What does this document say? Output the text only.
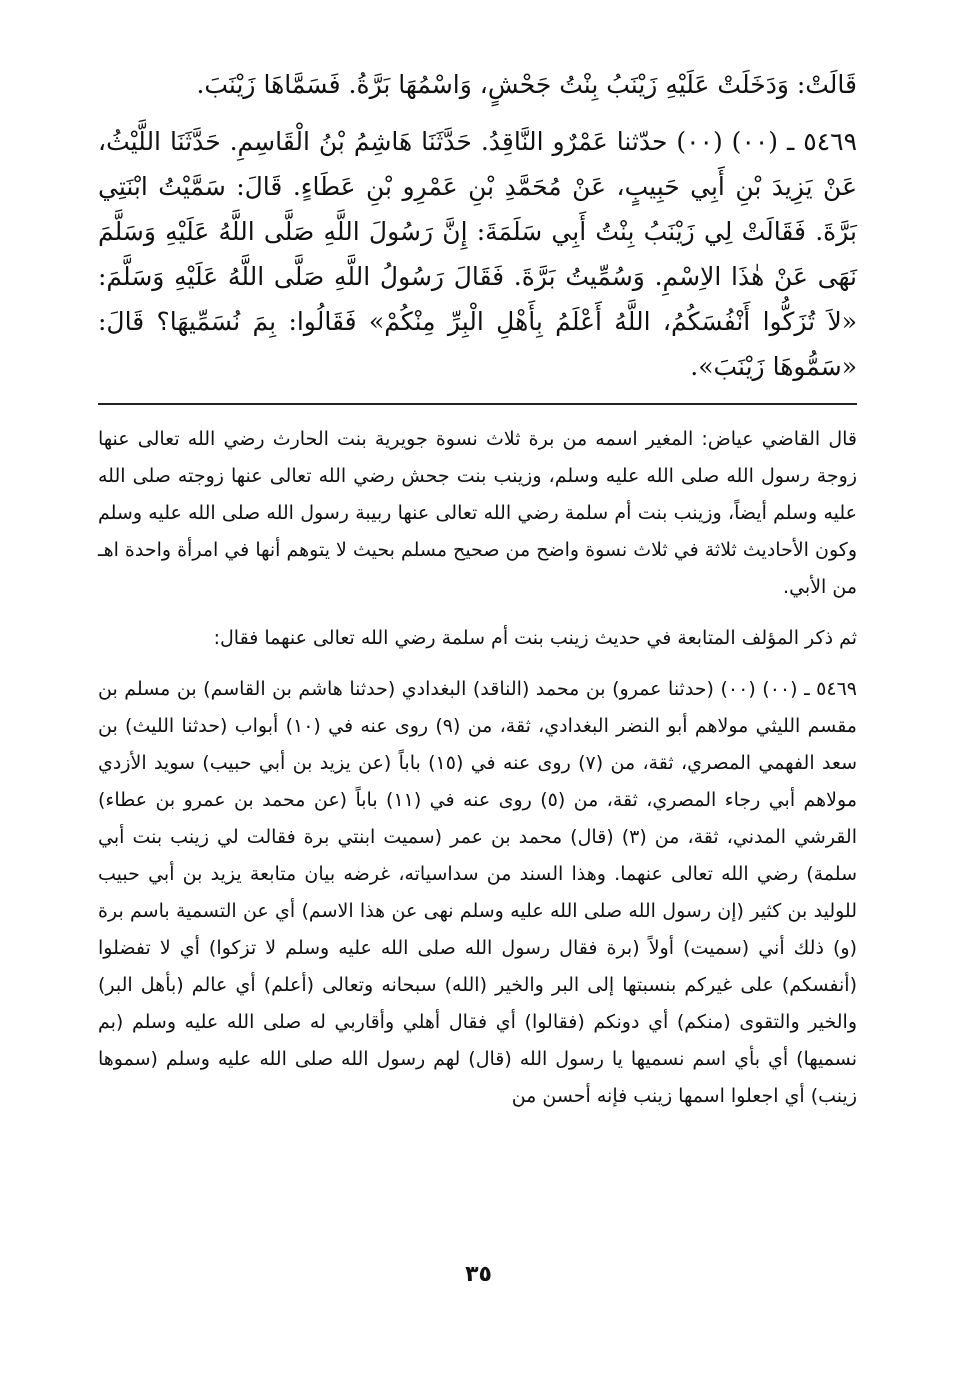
قَالَتْ: وَدَخَلَتْ عَلَيْهِ زَيْنَبُ بِنْتُ جَحْشٍ، وَاسْمُهَا بَرَّةُ. فَسَمَّاهَا زَيْنَبَ.

٥٤٦٩ ـ (٠٠) (٠٠) حدّثنا عَمْرٌو النَّاقِدُ. حَدَّثَنَا هَاشِمُ بْنُ الْقَاسِمِ. حَدَّثَنَا اللَّيْثُ، عَنْ يَزِيدَ بْنِ أَبِي حَبِيبٍ، عَنْ مُحَمَّدِ بْنِ عَمْرِو بْنِ عَطَاءٍ. قَالَ: سَمَّيْتُ ابْنَتِي بَرَّةَ. فَقَالَتْ لِي زَيْنَبُ بِنْتُ أَبِي سَلَمَةَ: إِنَّ رَسُولَ اللَّهِ صَلَّى اللَّهُ عَلَيْهِ وَسَلَّمَ نَهَى عَنْ هٰذَا الاِسْمِ. وَسُمِّيتُ بَرَّةَ. فَقَالَ رَسُولُ اللَّهِ صَلَّى اللَّهُ عَلَيْهِ وَسَلَّمَ: «لاَ تُزَكُّوا أَنْفُسَكُمُ، اللَّهُ أَعْلَمُ بِأَهْلِ الْبِرِّ مِنْكُمْ» فَقَالُوا: بِمَ نُسَمِّيهَا؟ قَالَ: «سَمُّوهَا زَيْنَبَ».

قال القاضي عياض: المغير اسمه من برة ثلاث نسوة جويرية بنت الحارث رضي الله تعالى عنها زوجة رسول الله صلى الله عليه وسلم، وزينب بنت جحش رضي الله تعالى عنها زوجته صلى الله عليه وسلم أيضاً، وزينب بنت أم سلمة رضي الله تعالى عنها ربيبة رسول الله صلى الله عليه وسلم وكون الأحاديث ثلاثة في ثلاث نسوة واضح من صحيح مسلم بحيث لا يتوهم أنها في امرأة واحدة اهـ من الأبي.

ثم ذكر المؤلف المتابعة في حديث زينب بنت أم سلمة رضي الله تعالى عنهما فقال:

٥٤٦٩ ـ (٠٠) (٠٠) (حدثنا عمرو) بن محمد (الناقد) البغدادي (حدثنا هاشم بن القاسم) بن مسلم بن مقسم الليثي مولاهم أبو النضر البغدادي، ثقة، من (٩) روى عنه في (١٠) أبواب (حدثنا الليث) بن سعد الفهمي المصري، ثقة، من (٧) روى عنه في (١٥) باباً (عن يزيد بن أبي حبيب) سويد الأزدي مولاهم أبي رجاء المصري، ثقة، من (٥) روى عنه في (١١) باباً (عن محمد بن عمرو بن عطاء) القرشي المدني، ثقة، من (٣) (قال) محمد بن عمر (سميت ابنتي برة فقالت لي زينب بنت أبي سلمة) رضي الله تعالى عنهما. وهذا السند من سداسياته، غرضه بيان متابعة يزيد بن أبي حبيب للوليد بن كثير (إن رسول الله صلى الله عليه وسلم نهى عن هذا الاسم) أي عن التسمية باسم برة (و) ذلك أني (سميت) أولاً (برة فقال رسول الله صلى الله عليه وسلم لا تزكوا) أي لا تفضلوا (أنفسكم) على غيركم بنسبتها إلى البر والخير (الله) سبحانه وتعالى (أعلم) أي عالم (بأهل البر) والخير والتقوى (منكم) أي دونكم (فقالوا) أي فقال أهلي وأقاربي له صلى الله عليه وسلم (بم نسميها) أي بأي اسم نسميها يا رسول الله (قال) لهم رسول الله صلى الله عليه وسلم (سموها زينب) أي اجعلوا اسمها زينب فإنه أحسن من

٣٥
